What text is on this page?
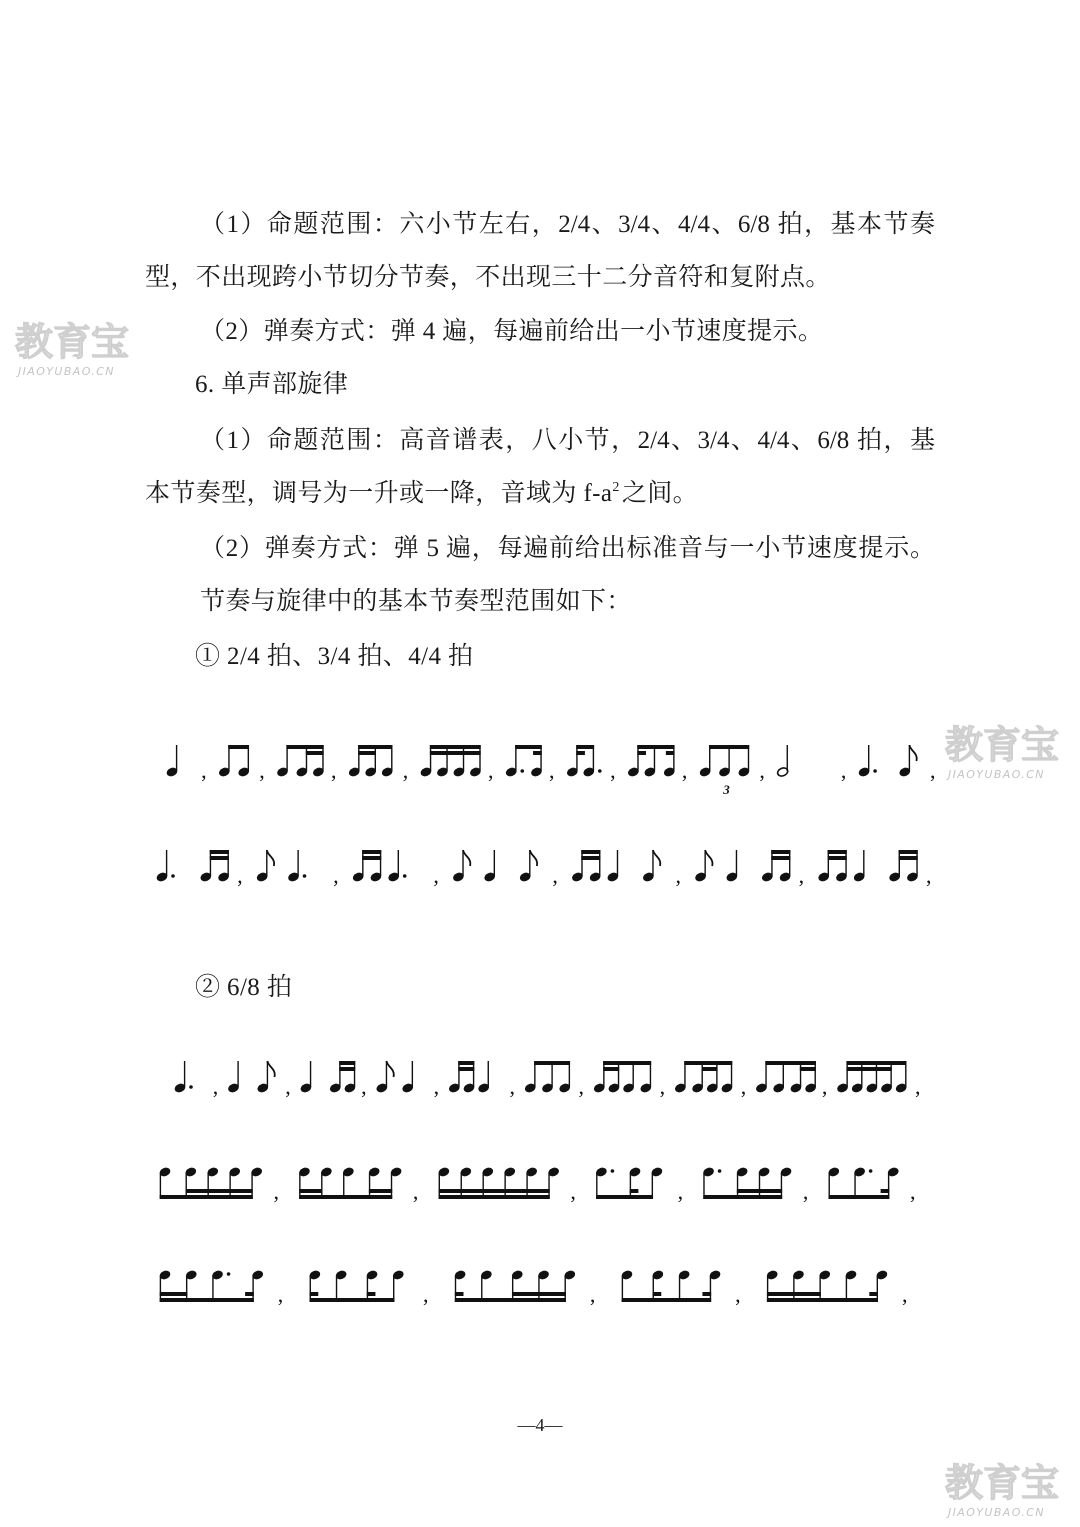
教育宝
JIAOYUBAO.CN
教育宝
JIAOYUBAO.CN
教育宝
JIAOYUBAO.CN
（1）命题范围：六小节左右，2/4、3/4、4/4、6/8 拍，基本节奏
型，不出现跨小节切分节奏，不出现三十二分音符和复附点。
（2）弹奏方式：弹 4 遍，每遍前给出一小节速度提示。
6. 单声部旋律
（1）命题范围：高音谱表，八小节，2/4、3/4、4/4、6/8 拍，基
本节奏型，调号为一升或一降，音域为 $f-a^2$之间。
（2）弹奏方式：弹 5 遍，每遍前给出标准音与一小节速度提示。
节奏与旋律中的基本节奏型范围如下：
① 2/4 拍、3/4 拍、4/4 拍
② 6/8 拍
, ,	,	,	,	,	,	,
3
,	,	,
,	,	,	,	,	,	,
,	,	,	,	,	,	,	,	,	,
,	,	,	,	,	,
,	,	,	,	,
—4—
